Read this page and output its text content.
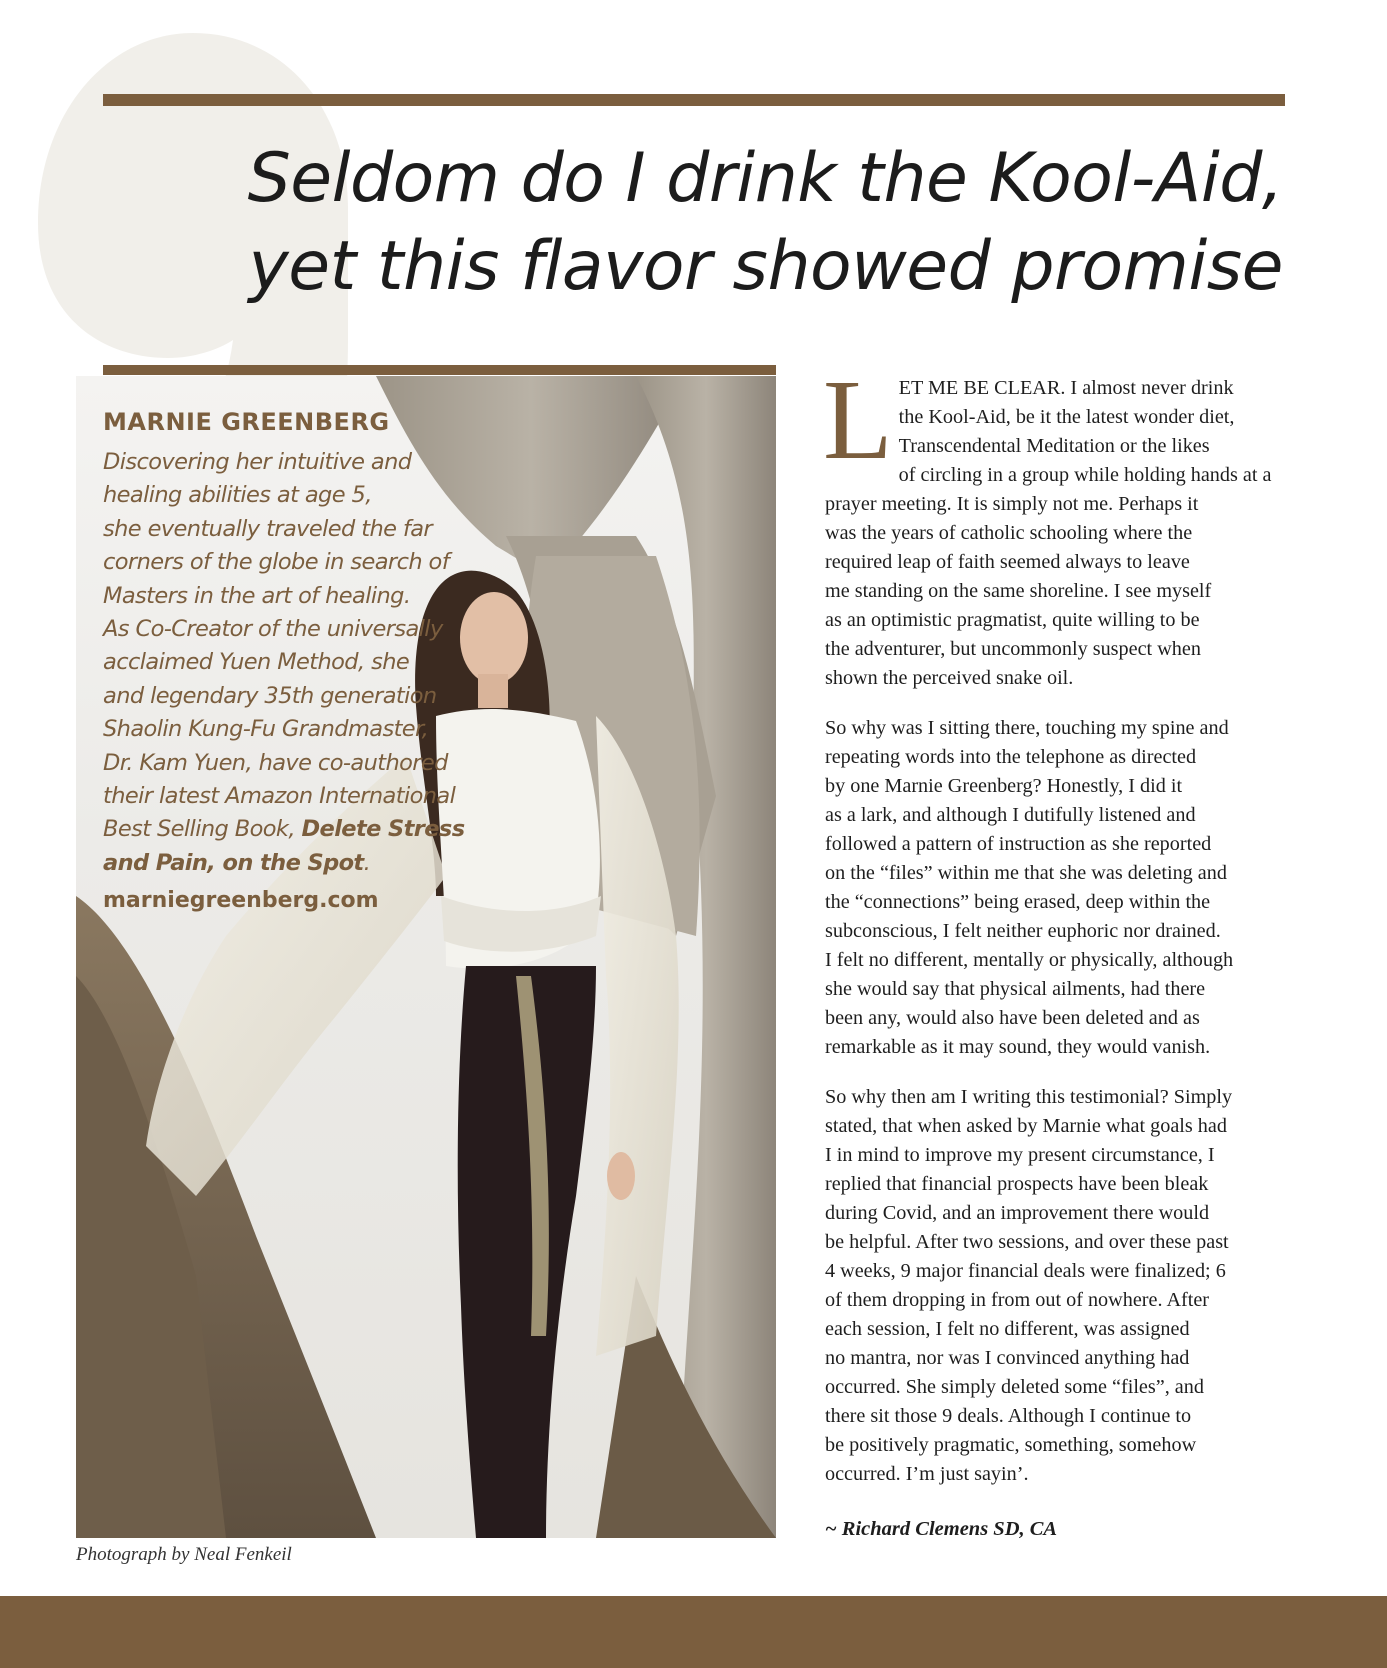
Seldom do I drink the Kool-Aid,
yet this flavor showed promise
MARNIE GREENBERG
Discovering her intuitive and
healing abilities at age 5,
she eventually traveled the far
corners of the globe in search of
Masters in the art of healing.
As Co-Creator of the universally
acclaimed Yuen Method, she
and legendary 35th generation
Shaolin Kung-Fu Grandmaster,
Dr. Kam Yuen, have co-authored
their latest Amazon International
Best Selling Book, Delete Stress
and Pain, on the Spot.
marniegreenberg.com
Photograph by Neal Fenkeil

L ET ME BE CLEAR. I almost never drink
the Kool-Aid, be it the latest wonder diet,
Transcendental Meditation or the likes
of circling in a group while holding hands at a
prayer meeting. It is simply not me. Perhaps it
was the years of catholic schooling where the
required leap of faith seemed always to leave
me standing on the same shoreline. I see myself
as an optimistic pragmatist, quite willing to be
the adventurer, but uncommonly suspect when
shown the perceived snake oil.

So why was I sitting there, touching my spine and
repeating words into the telephone as directed
by one Marnie Greenberg? Honestly, I did it
as a lark, and although I dutifully listened and
followed a pattern of instruction as she reported
on the “files” within me that she was deleting and
the “connections” being erased, deep within the
subconscious, I felt neither euphoric nor drained.
I felt no different, mentally or physically, although
she would say that physical ailments, had there
been any, would also have been deleted and as
remarkable as it may sound, they would vanish.

So why then am I writing this testimonial? Simply
stated, that when asked by Marnie what goals had
I in mind to improve my present circumstance, I
replied that financial prospects have been bleak
during Covid, and an improvement there would
be helpful. After two sessions, and over these past
4 weeks, 9 major financial deals were finalized; 6
of them dropping in from out of nowhere. After
each session, I felt no different, was assigned
no mantra, nor was I convinced anything had
occurred. She simply deleted some “files”, and
there sit those 9 deals. Although I continue to
be positively pragmatic, something, somehow
occurred. I’m just sayin’.

~ Richard Clemens SD, CA
